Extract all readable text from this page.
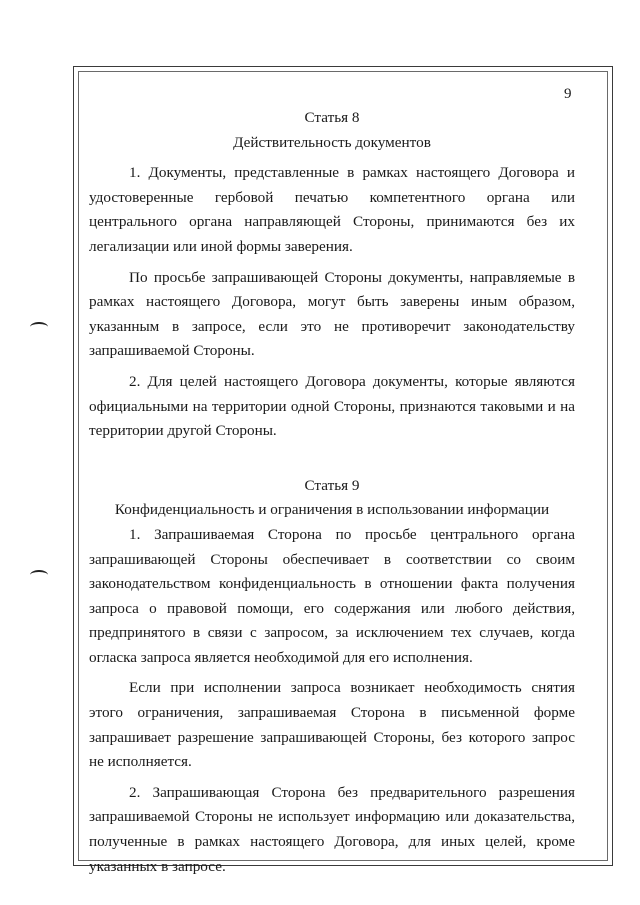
9

Статья 8

Действительность документов

1. Документы, представленные в рамках настоящего Договора и удостоверенные гербовой печатью компетентного органа или центрального органа направляющей Стороны, принимаются без их легализации или иной формы заверения.

По просьбе запрашивающей Стороны документы, направляемые в рамках настоящего Договора, могут быть заверены иным образом, указанным в запросе, если это не противоречит законодательству запрашиваемой Стороны.

2. Для целей настоящего Договора документы, которые являются официальными на территории одной Стороны, признаются таковыми и на территории другой Стороны.

Статья 9

Конфиденциальность и ограничения в использовании информации

1. Запрашиваемая Сторона по просьбе центрального органа запрашивающей Стороны обеспечивает в соответствии со своим законодательством конфиденциальность в отношении факта получения запроса о правовой помощи, его содержания или любого действия, предпринятого в связи с запросом, за исключением тех случаев, когда огласка запроса является необходимой для его исполнения.

Если при исполнении запроса возникает необходимость снятия этого ограничения, запрашиваемая Сторона в письменной форме запрашивает разрешение запрашивающей Стороны, без которого запрос не исполняется.

2. Запрашивающая Сторона без предварительного разрешения запрашиваемой Стороны не использует информацию или доказательства, полученные в рамках настоящего Договора, для иных целей, кроме указанных в запросе.
